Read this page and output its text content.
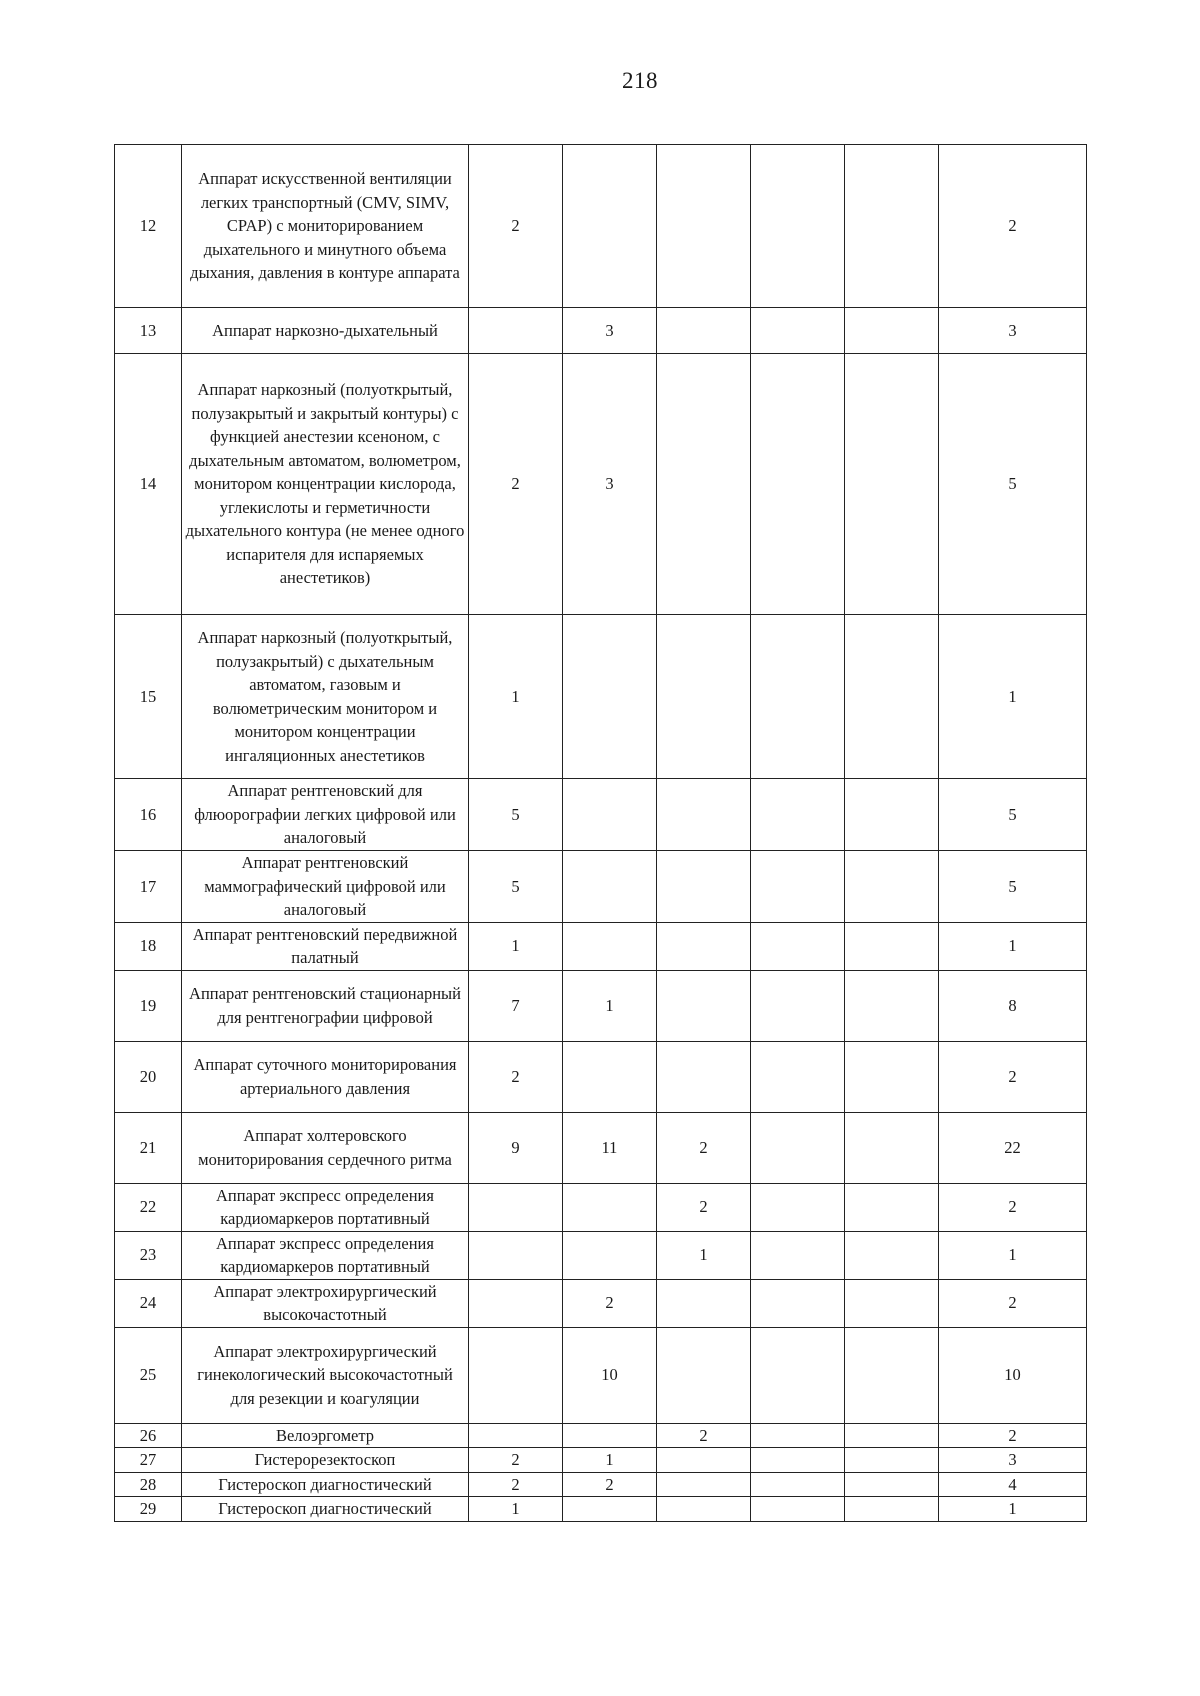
218
12	Аппарат искусственной вентиляции легких транспортный (CMV, SIMV, CPAP) с мониторированием дыхательного и минутного объема дыхания, давления в контуре аппарата	2					2
13	Аппарат наркозно-дыхательный		3				3
14	Аппарат наркозный (полуоткрытый, полузакрытый и закрытый контуры) с функцией анестезии ксеноном, с дыхательным автоматом, волюметром, монитором концентрации кислорода, углекислоты и герметичности дыхательного контура (не менее одного испарителя для испаряемых анестетиков)	2	3				5
15	Аппарат наркозный (полуоткрытый, полузакрытый) с дыхательным автоматом, газовым и волюметрическим монитором и монитором концентрации ингаляционных анестетиков	1					1
16	Аппарат рентгеновский для флюорографии легких цифровой или аналоговый	5					5
17	Аппарат рентгеновский маммографический цифровой или аналоговый	5					5
18	Аппарат рентгеновский передвижной палатный	1					1
19	Аппарат рентгеновский стационарный для рентгенографии цифровой	7	1				8
20	Аппарат суточного мониторирования артериального давления	2					2
21	Аппарат холтеровского мониторирования сердечного ритма	9	11	2			22
22	Аппарат экспресс определения кардиомаркеров портативный			2			2
23	Аппарат экспресс определения кардиомаркеров портативный			1			1
24	Аппарат электрохирургический высокочастотный		2				2
25	Аппарат электрохирургический гинекологический высокочастотный для резекции и коагуляции		10				10
26	Велоэргометр			2			2
27	Гистерорезектоскоп	2	1				3
28	Гистероскоп диагностический	2	2				4
29	Гистероскоп диагностический	1					1
